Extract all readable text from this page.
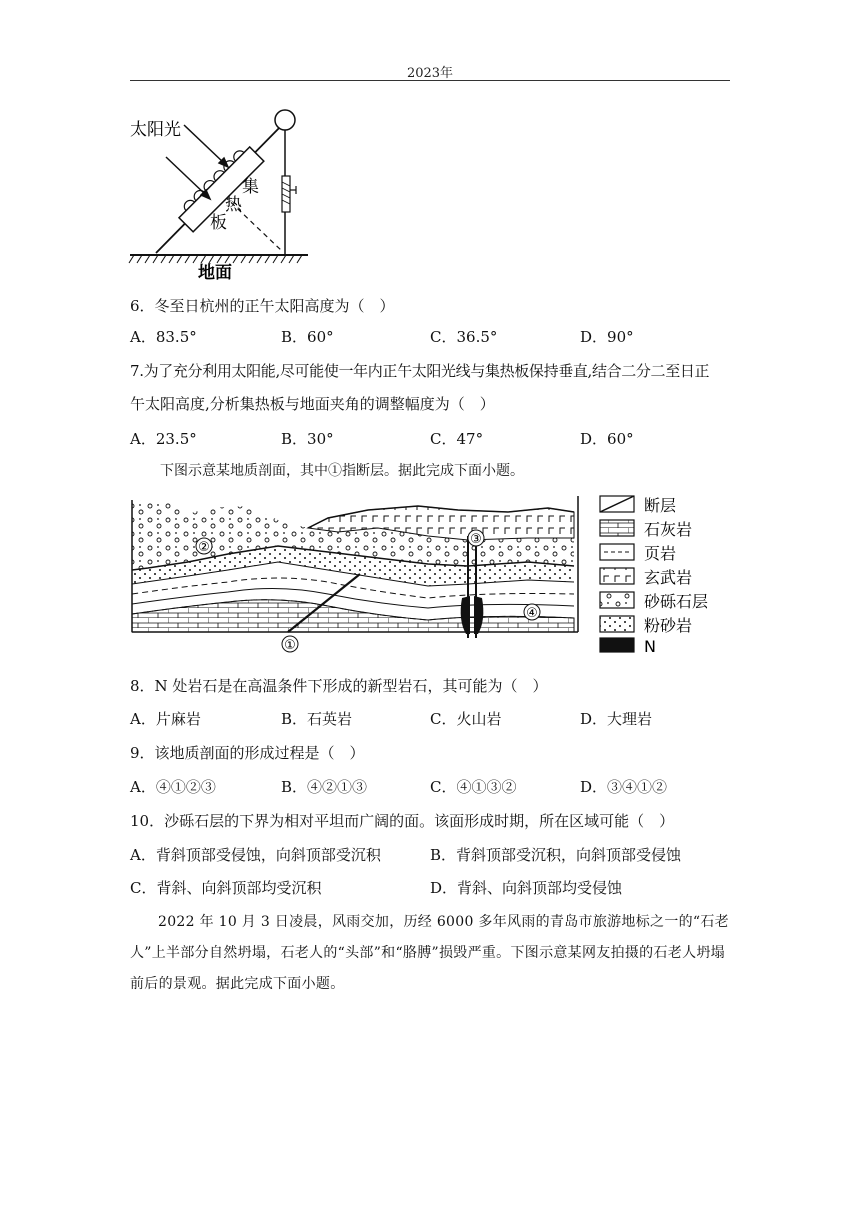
2023年
太阳光
集
热
板
地面
6．冬至日杭州的正午太阳高度为（　）
A．83.5°	B．60°	C．36.5°	D．90°
7.为了充分利用太阳能,尽可能使一年内正午太阳光线与集热板保持垂直,结合二分二至日正
午太阳高度,分析集热板与地面夹角的调整幅度为（　）
A．23.5°	B．30°	C．47°	D．60°
下图示意某地质剖面，其中①指断层。据此完成下面小题。
②
①
③
④
断层
石灰岩
页岩
玄武岩
砂砾石层
粉砂岩
N
8．N 处岩石是在高温条件下形成的新型岩石，其可能为（　）
A．片麻岩	B．石英岩	C．火山岩	D．大理岩
9．该地质剖面的形成过程是（　）
A．④①②③	B．④②①③	C．④①③②	D．③④①②
10．沙砾石层的下界为相对平坦而广阔的面。该面形成时期，所在区域可能（　）
A．背斜顶部受侵蚀，向斜顶部受沉积	B．背斜顶部受沉积，向斜顶部受侵蚀
C．背斜、向斜顶部均受沉积	D．背斜、向斜顶部均受侵蚀
2022 年 10 月 3 日凌晨，风雨交加，历经 6000 多年风雨的青岛市旅游地标之一的“石老人”上半部分自然坍塌，石老人的“头部”和“胳膊”损毁严重。下图示意某网友拍摄的石老人坍塌前后的景观。据此完成下面小题。
